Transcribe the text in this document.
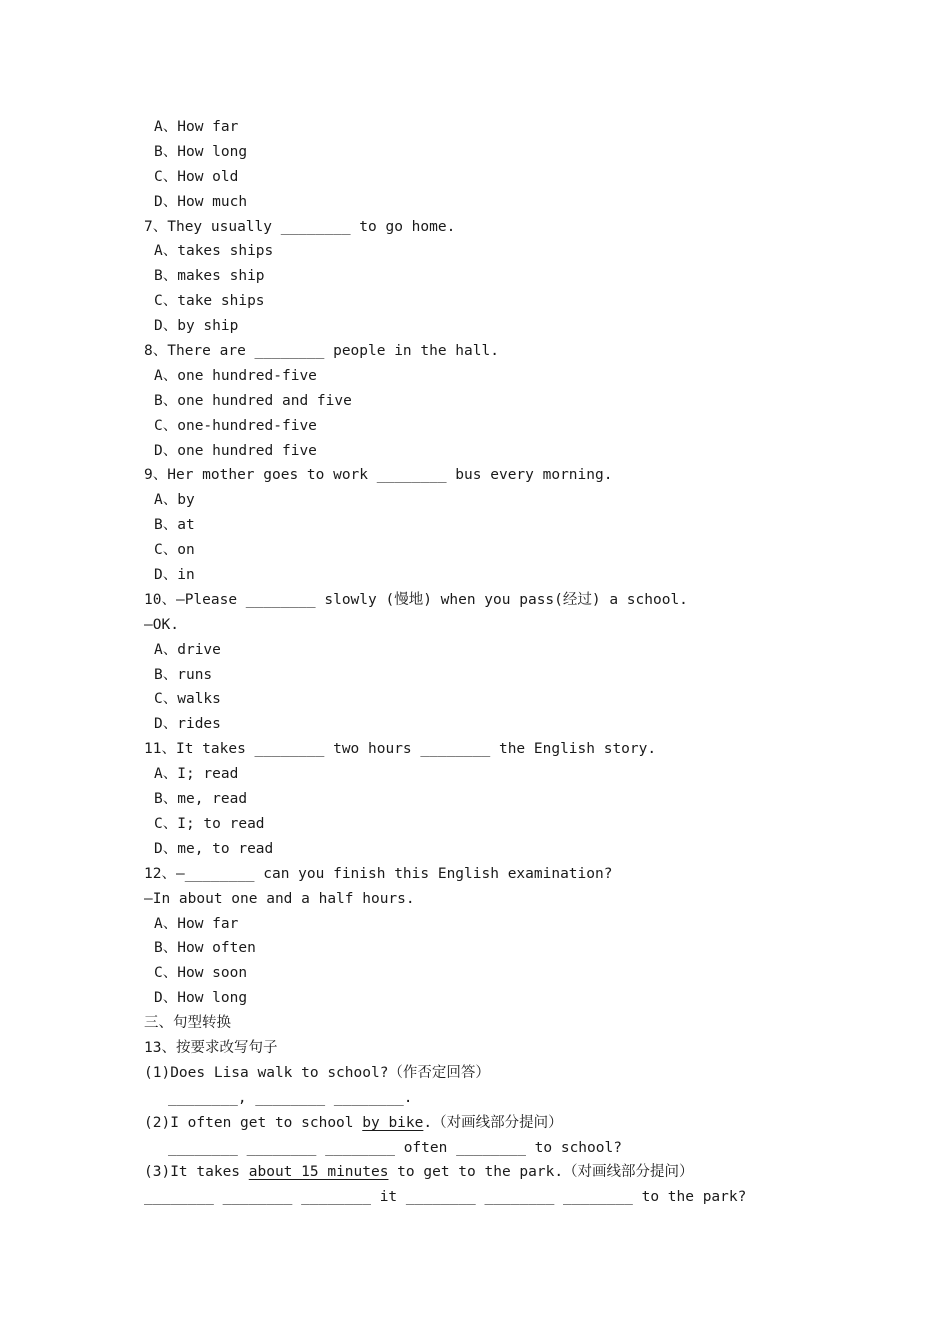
A、How far
B、How long
C、How old
D、How much
7、They usually ________ to go home.
A、takes ships
B、makes ship
C、take ships
D、by ship
8、There are ________ people in the hall.
A、one hundred-five
B、one hundred and five
C、one-hundred-five
D、one hundred five
9、Her mother goes to work ________ bus every morning.
A、by
B、at
C、on
D、in
10、—Please ________ slowly (慢地) when you pass(经过) a school.
—OK.
A、drive
B、runs
C、walks
D、rides
11、It takes ________ two hours ________ the English story.
A、I; read
B、me, read
C、I; to read
D、me, to read
12、—________ can you finish this English examination?
—In about one and a half hours.
A、How far
B、How often
C、How soon
D、How long
三、句型转换
13、按要求改写句子
(1)Does Lisa walk to school?（作否定回答）
________, ________ ________.
(2)I often get to school by bike.（对画线部分提问）
________ ________ ________ often ________ to school?
(3)It takes about 15 minutes to get to the park.（对画线部分提问）
________ ________ ________ it ________ ________ ________ to the park?
